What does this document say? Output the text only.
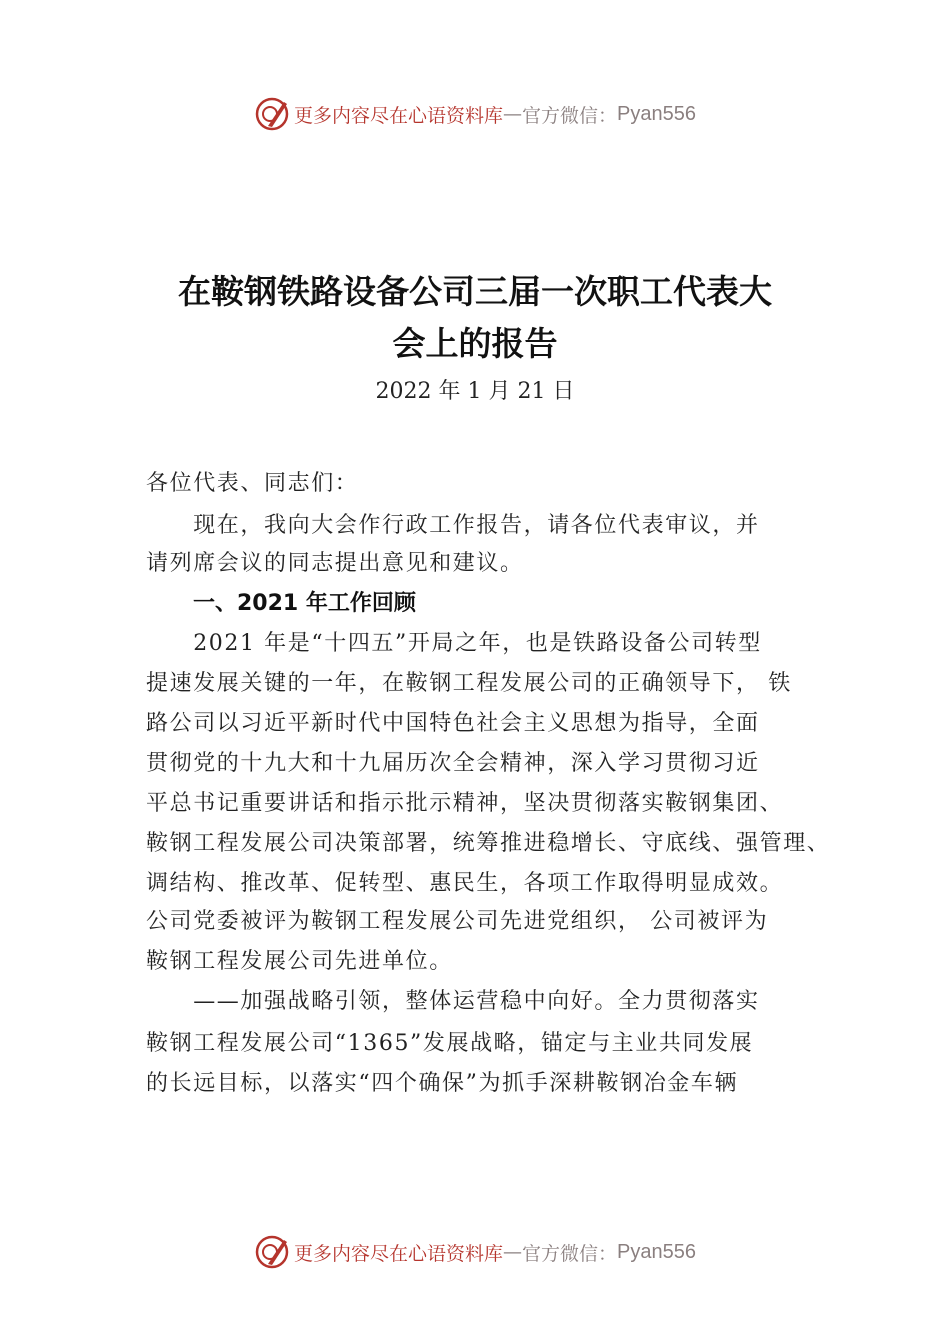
更多内容尽在心语资料库 — 官方微信： Pyan556
在鞍钢铁路设备公司三届一次职工代表大
会上的报告
2022 年 1 月 21 日
各位代表、同志们：
　　现在，我向大会作行政工作报告，请各位代表审议，并
请列席会议的同志提出意见和建议。
一、2021 年工作回顾
　　2021 年是“十四五”开局之年，也是铁路设备公司转型
提速发展关键的一年，在鞍钢工程发展公司的正确领导下， 铁
路公司以习近平新时代中国特色社会主义思想为指导，全面
贯彻党的十九大和十九届历次全会精神，深入学习贯彻习近
平总书记重要讲话和指示批示精神，坚决贯彻落实鞍钢集团、
鞍钢工程发展公司决策部署，统筹推进稳增长、守底线、强管理、
调结构、推改革、促转型、惠民生，各项工作取得明显成效。
公司党委被评为鞍钢工程发展公司先进党组织， 公司被评为
鞍钢工程发展公司先进单位。
　　——加强战略引领，整体运营稳中向好。全力贯彻落实
鞍钢工程发展公司“1365”发展战略，锚定与主业共同发展
的长远目标，以落实“四个确保”为抓手深耕鞍钢冶金车辆
更多内容尽在心语资料库 — 官方微信： Pyan556
